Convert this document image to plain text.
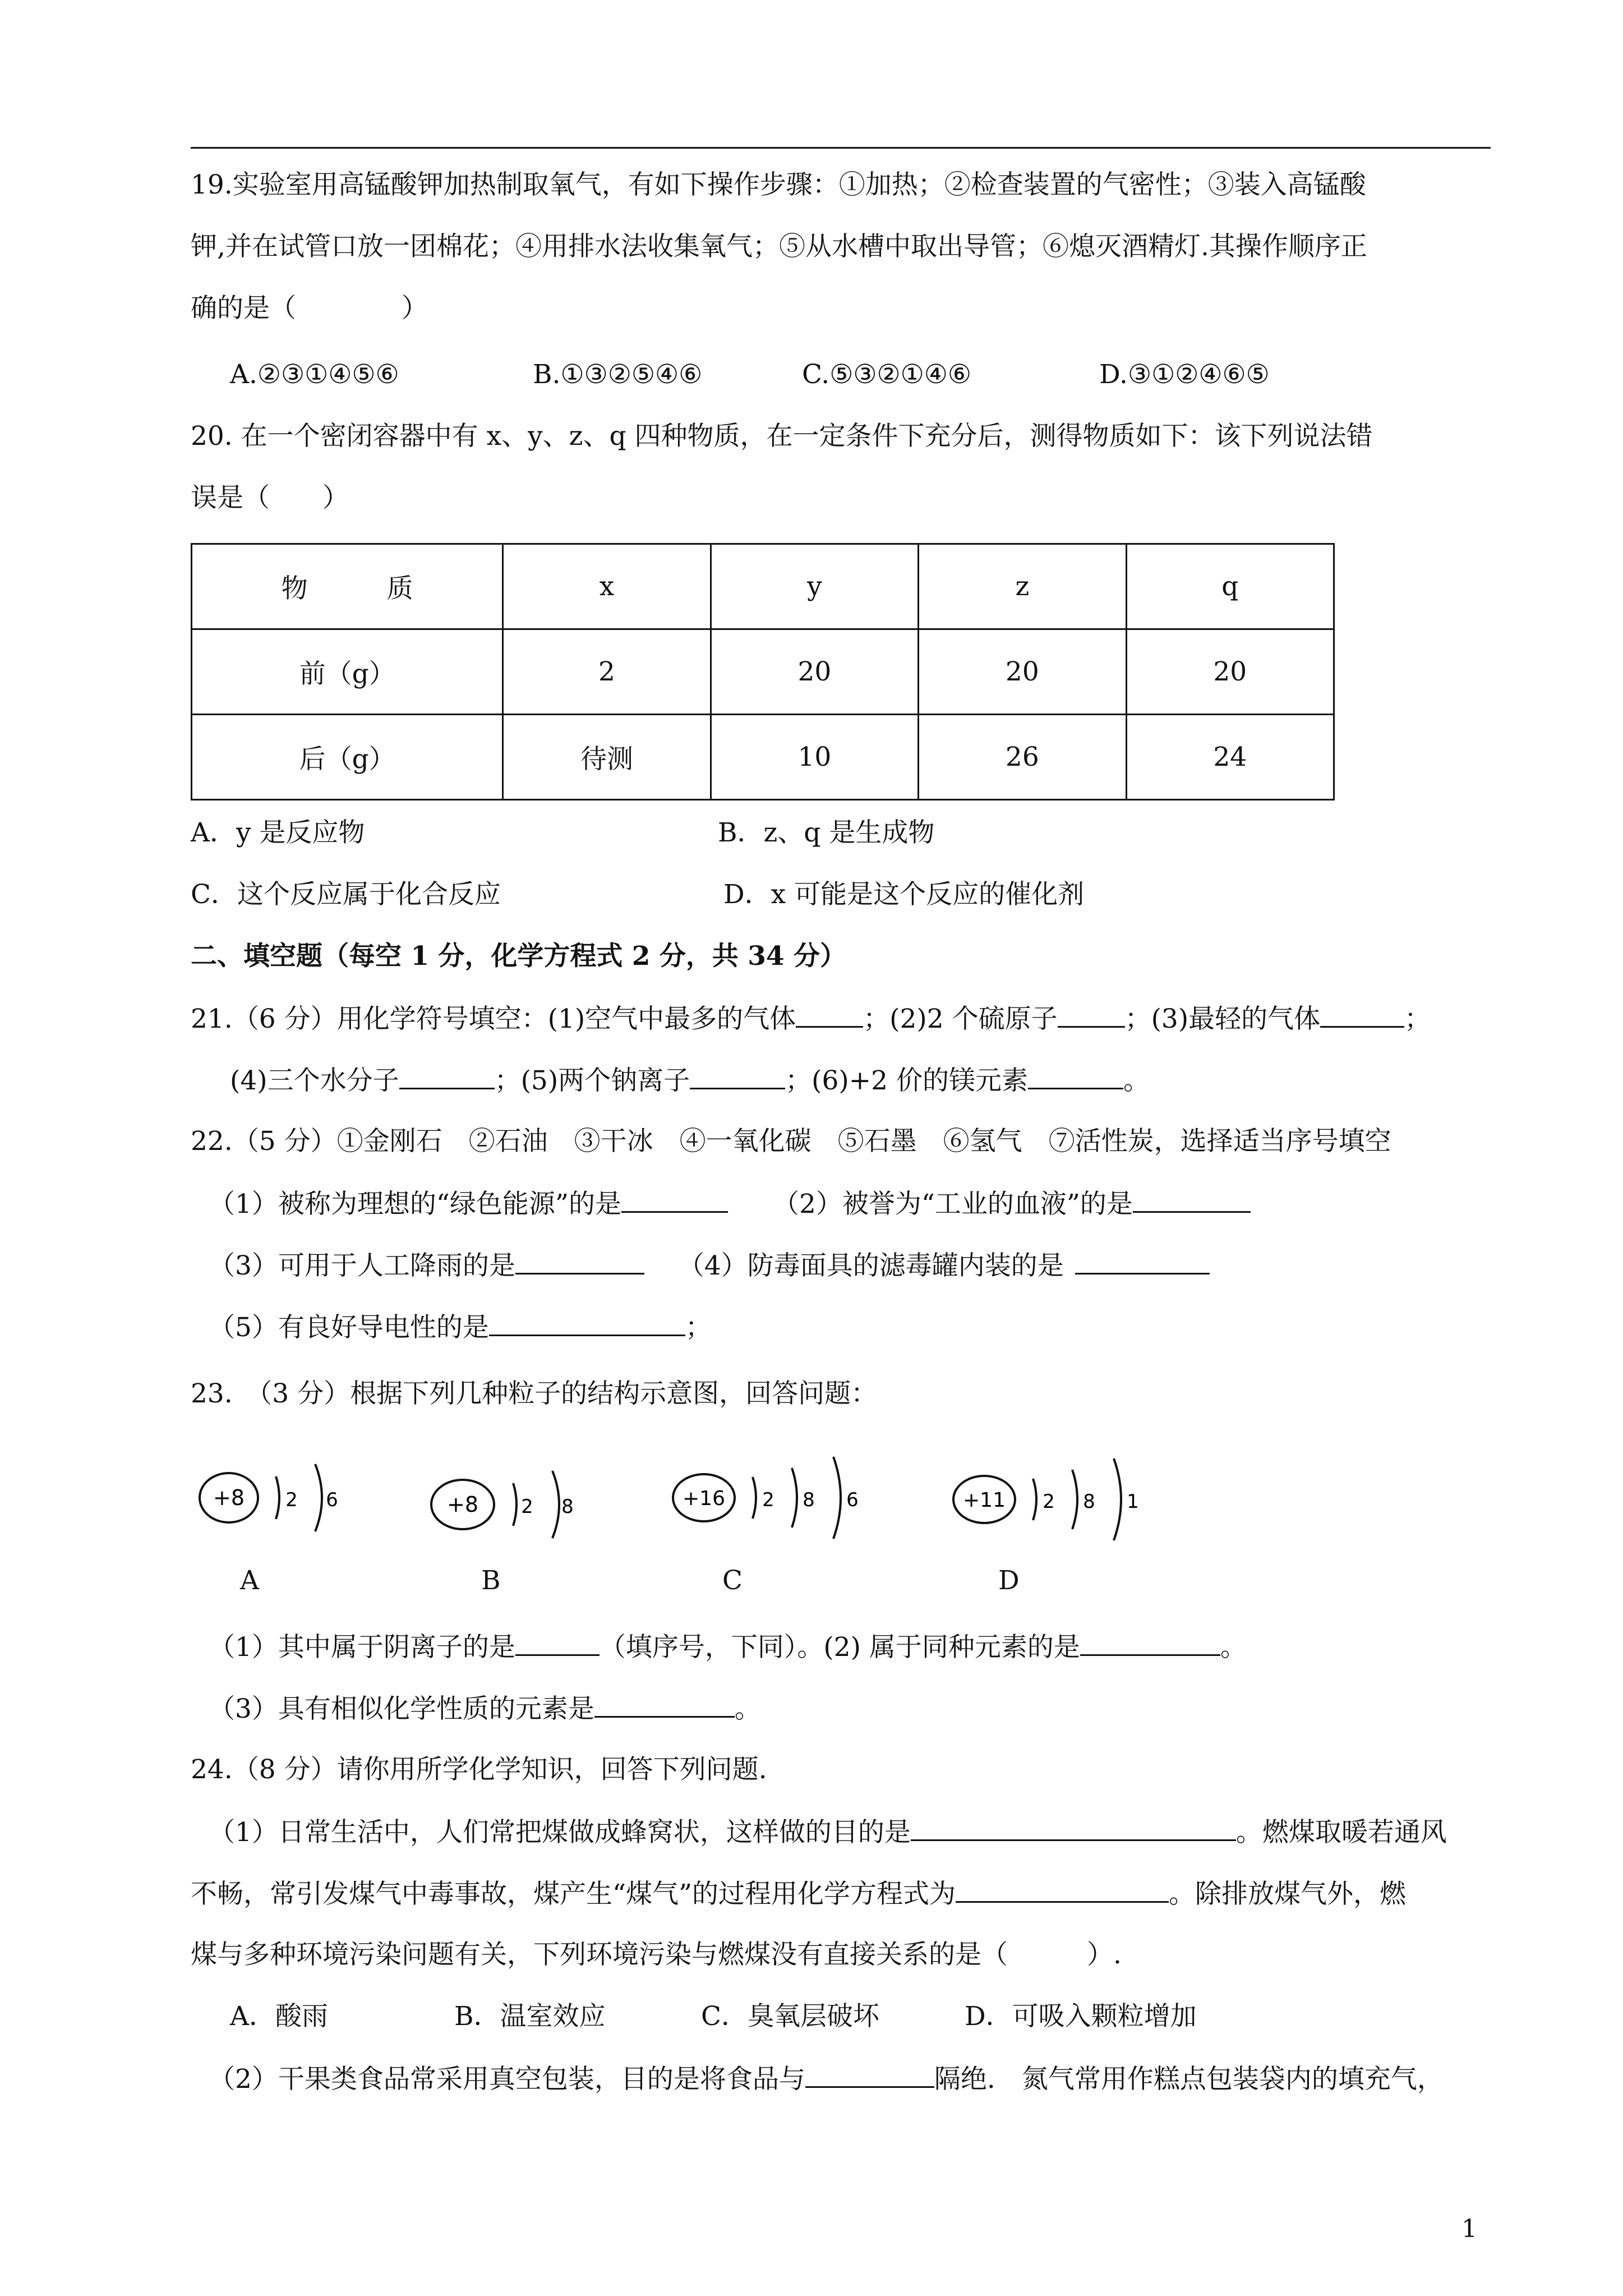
19.实验室用高锰酸钾加热制取氧气，有如下操作步骤：①加热；②检查装置的气密性；③装入高锰酸
钾,并在试管口放一团棉花；④用排水法收集氧气；⑤从水槽中取出导管；⑥熄灭酒精灯.其操作顺序正
确的是（　　　　）
A.②③①④⑤⑥	B.①③②⑤④⑥	C.⑤③②①④⑥	D.③①②④⑥⑤
20. 在一个密闭容器中有 x、y、z、q 四种物质，在一定条件下充分后，测得物质如下：该下列说法错
误是（　　）
物　　　质	x	y	z	q
前（g）	2	20	20	20
后（g）	待测	10	26	24
A．y 是反应物	B．z、q 是生成物
C．这个反应属于化合反应	D．x 可能是这个反应的催化剂
二、填空题（每空 1 分，化学方程式 2 分，共 34 分）
21.（6 分）用化学符号填空：(1)空气中最多的气体	；(2)2 个硫原子	；(3)最轻的气体	；
(4)三个水分子	；(5)两个钠离子	；(6)+2 价的镁元素	。
22.（5 分）①金刚石　②石油　③干冰　④一氧化碳　⑤石墨　⑥氢气　⑦活性炭，选择适当序号填空
（1）被称为理想的“绿色能源”的是	（2）被誉为“工业的血液”的是
（3）可用于人工降雨的是	（4）防毒面具的滤毒罐内装的是
（5）有良好导电性的是	；
23.　（3 分）根据下列几种粒子的结构示意图，回答问题：
+8 2 6
A
+8 2 8
B
+16 2 8 6
C
+11 2 8 1
D
（1）其中属于阴离子的是	（填序号，下同）。(2) 属于同种元素的是	。
（3）具有相似化学性质的元素是	。
24.（8 分）请你用所学化学知识，回答下列问题.
（1）日常生活中，人们常把煤做成蜂窝状，这样做的目的是	。燃煤取暖若通风
不畅，常引发煤气中毒事故，煤产生“煤气”的过程用化学方程式为	。除排放煤气外，燃
煤与多种环境污染问题有关，下列环境污染与燃煤没有直接关系的是（　　　）.
A．酸雨	B．温室效应	C．臭氧层破坏	D．可吸入颗粒增加
（2）干果类食品常采用真空包装，目的是将食品与	隔绝.　氮气常用作糕点包装袋内的填充气，
1
